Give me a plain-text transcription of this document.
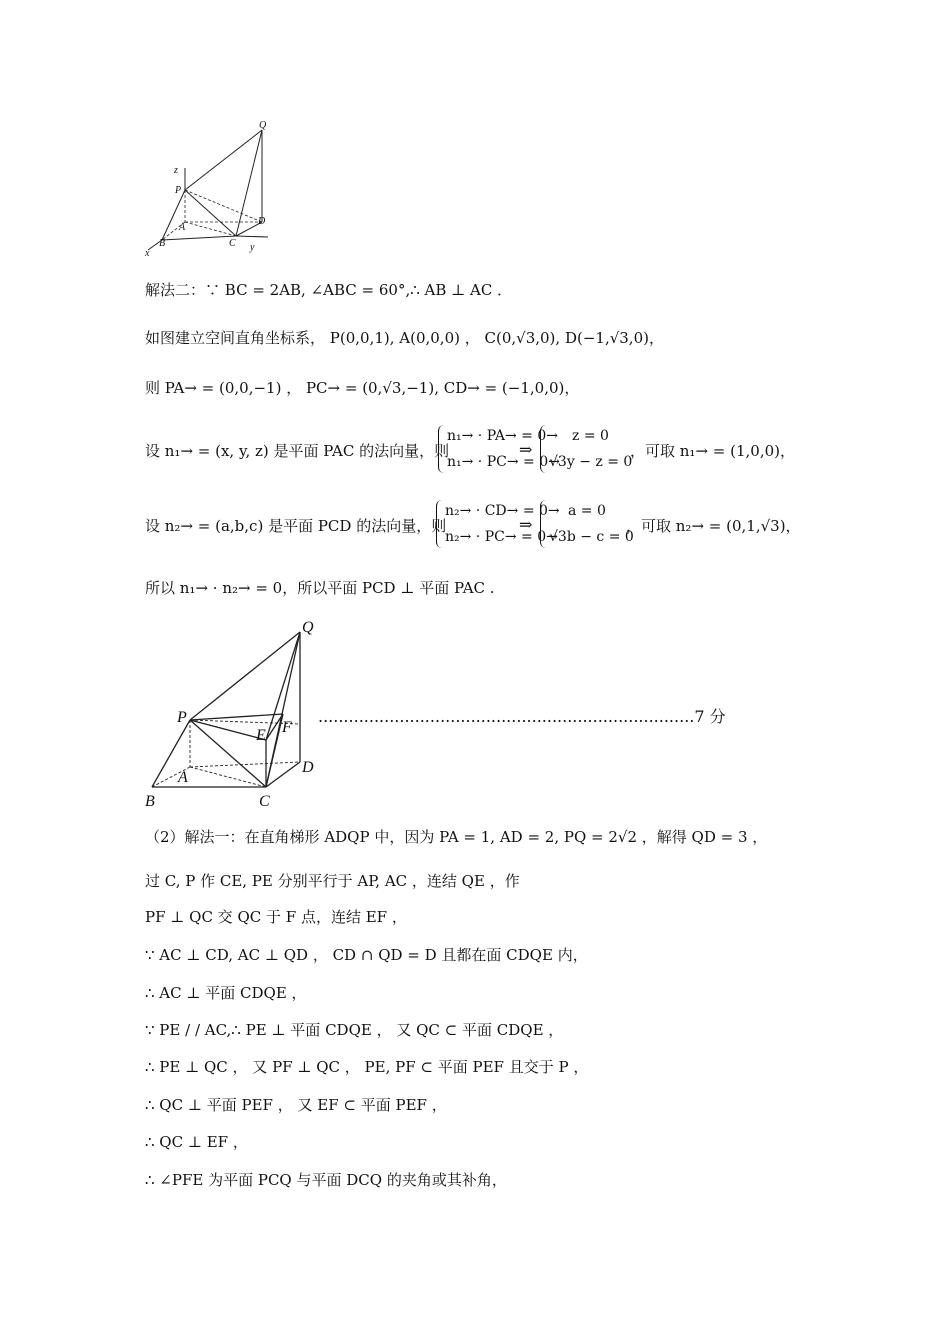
Q
z
P
A
D
B	C
x
y
解法二：∵ BC = 2AB, ∠ABC = 60°,∴ AB ⊥ AC ．
如图建立空间直角坐标系， P(0,0,1), A(0,0,0) ， C(0,√3,0), D(−1,√3,0)，
则 PA→ = (0,0,−1) ， PC→ = (0,√3,−1), CD→ = (−1,0,0)，
设 n₁→ = (x, y, z) 是平面 PAC 的法向量，则
n₁→ · PA→ = 0→
n₁→ · PC→ = 0→
⇒
z = 0
√3y − z = 0
，可取 n₁→ = (1,0,0)，
设 n₂→ = (a,b,c) 是平面 PCD 的法向量，则
n₂→ · CD→ = 0→
n₂→ · PC→ = 0→
⇒
a = 0
√3b − c = 0
，可取 n₂→ = (0,1,√3)，
所以 n₁→ · n₂→ = 0，所以平面 PCD ⊥ 平面 PAC .
Q
P
E F
A
D
B	C
..........................................................................7 分
（2）解法一：在直角梯形 ADQP 中，因为 PA = 1, AD = 2, PQ = 2√2 ，解得 QD = 3 ，
过 C, P 作 CE, PE 分别平行于 AP, AC ，连结 QE ，作
PF ⊥ QC 交 QC 于 F 点，连结 EF ，
∵ AC ⊥ CD, AC ⊥ QD ， CD ∩ QD = D 且都在面 CDQE 内，
∴ AC ⊥ 平面 CDQE ，
∵ PE / / AC,∴ PE ⊥ 平面 CDQE ， 又 QC ⊂ 平面 CDQE ，
∴ PE ⊥ QC ， 又 PF ⊥ QC ， PE, PF ⊂ 平面 PEF 且交于 P ，
∴ QC ⊥ 平面 PEF ， 又 EF ⊂ 平面 PEF ，
∴ QC ⊥ EF ，
∴ ∠PFE 为平面 PCQ 与平面 DCQ 的夹角或其补角，
